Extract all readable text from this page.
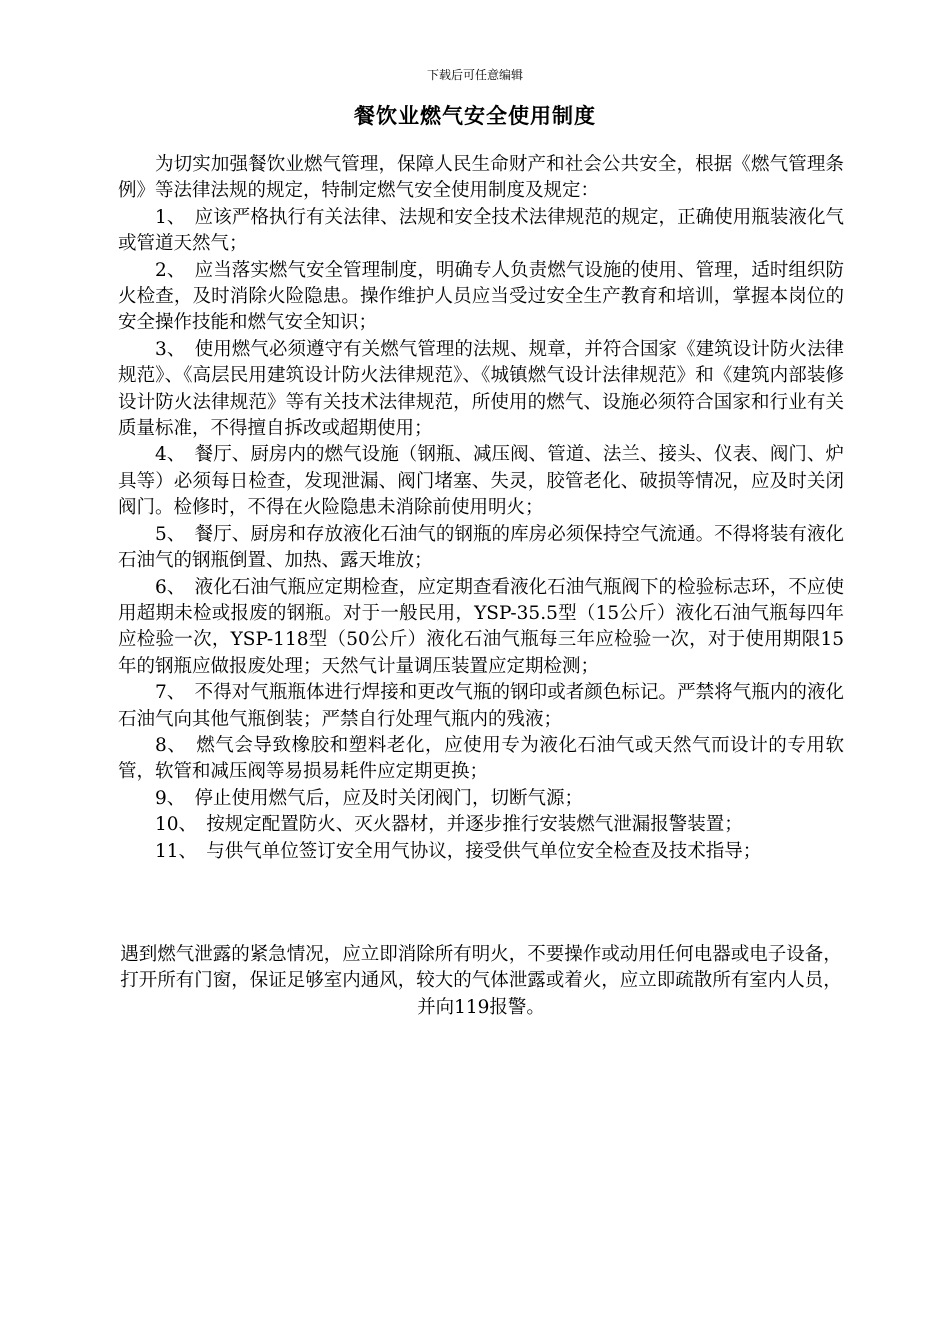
下载后可任意编辑
餐饮业燃气安全使用制度

为切实加强餐饮业燃气管理，保障人民生命财产和社会公共安全，根据《燃气管理条例》等法律法规的规定，特制定燃气安全使用制度及规定：

1、　应该严格执行有关法律、法规和安全技术法律规范的规定，正确使用瓶装液化气或管道天然气；

2、　应当落实燃气安全管理制度，明确专人负责燃气设施的使用、管理，适时组织防火检查，及时消除火险隐患。操作维护人员应当受过安全生产教育和培训，掌握本岗位的安全操作技能和燃气安全知识；

3、　使用燃气必须遵守有关燃气管理的法规、规章，并符合国家《建筑设计防火法律规范》、《高层民用建筑设计防火法律规范》、《城镇燃气设计法律规范》和《建筑内部装修设计防火法律规范》等有关技术法律规范，所使用的燃气、设施必须符合国家和行业有关质量标准，不得擅自拆改或超期使用；

4、　餐厅、厨房内的燃气设施（钢瓶、减压阀、管道、法兰、接头、仪表、阀门、炉具等）必须每日检查，发现泄漏、阀门堵塞、失灵，胶管老化、破损等情况，应及时关闭阀门。检修时，不得在火险隐患未消除前使用明火；

5、　餐厅、厨房和存放液化石油气的钢瓶的库房必须保持空气流通。不得将装有液化石油气的钢瓶倒置、加热、露天堆放；

6、　液化石油气瓶应定期检查，应定期查看液化石油气瓶阀下的检验标志环，不应使用超期未检或报废的钢瓶。对于一般民用，YSP-35.5型（15公斤）液化石油气瓶每四年应检验一次，YSP-118型（50公斤）液化石油气瓶每三年应检验一次，对于使用期限15年的钢瓶应做报废处理；天然气计量调压装置应定期检测；

7、　不得对气瓶瓶体进行焊接和更改气瓶的钢印或者颜色标记。严禁将气瓶内的液化石油气向其他气瓶倒装；严禁自行处理气瓶内的残液；

8、　燃气会导致橡胶和塑料老化，应使用专为液化石油气或天然气而设计的专用软管，软管和减压阀等易损易耗件应定期更换；

9、　停止使用燃气后，应及时关闭阀门，切断气源；

10、　按规定配置防火、灭火器材，并逐步推行安装燃气泄漏报警装置；

11、　与供气单位签订安全用气协议，接受供气单位安全检查及技术指导；

遇到燃气泄露的紧急情况，应立即消除所有明火，不要操作或动用任何电器或电子设备，打开所有门窗，保证足够室内通风，较大的气体泄露或着火，应立即疏散所有室内人员，并向119报警。
